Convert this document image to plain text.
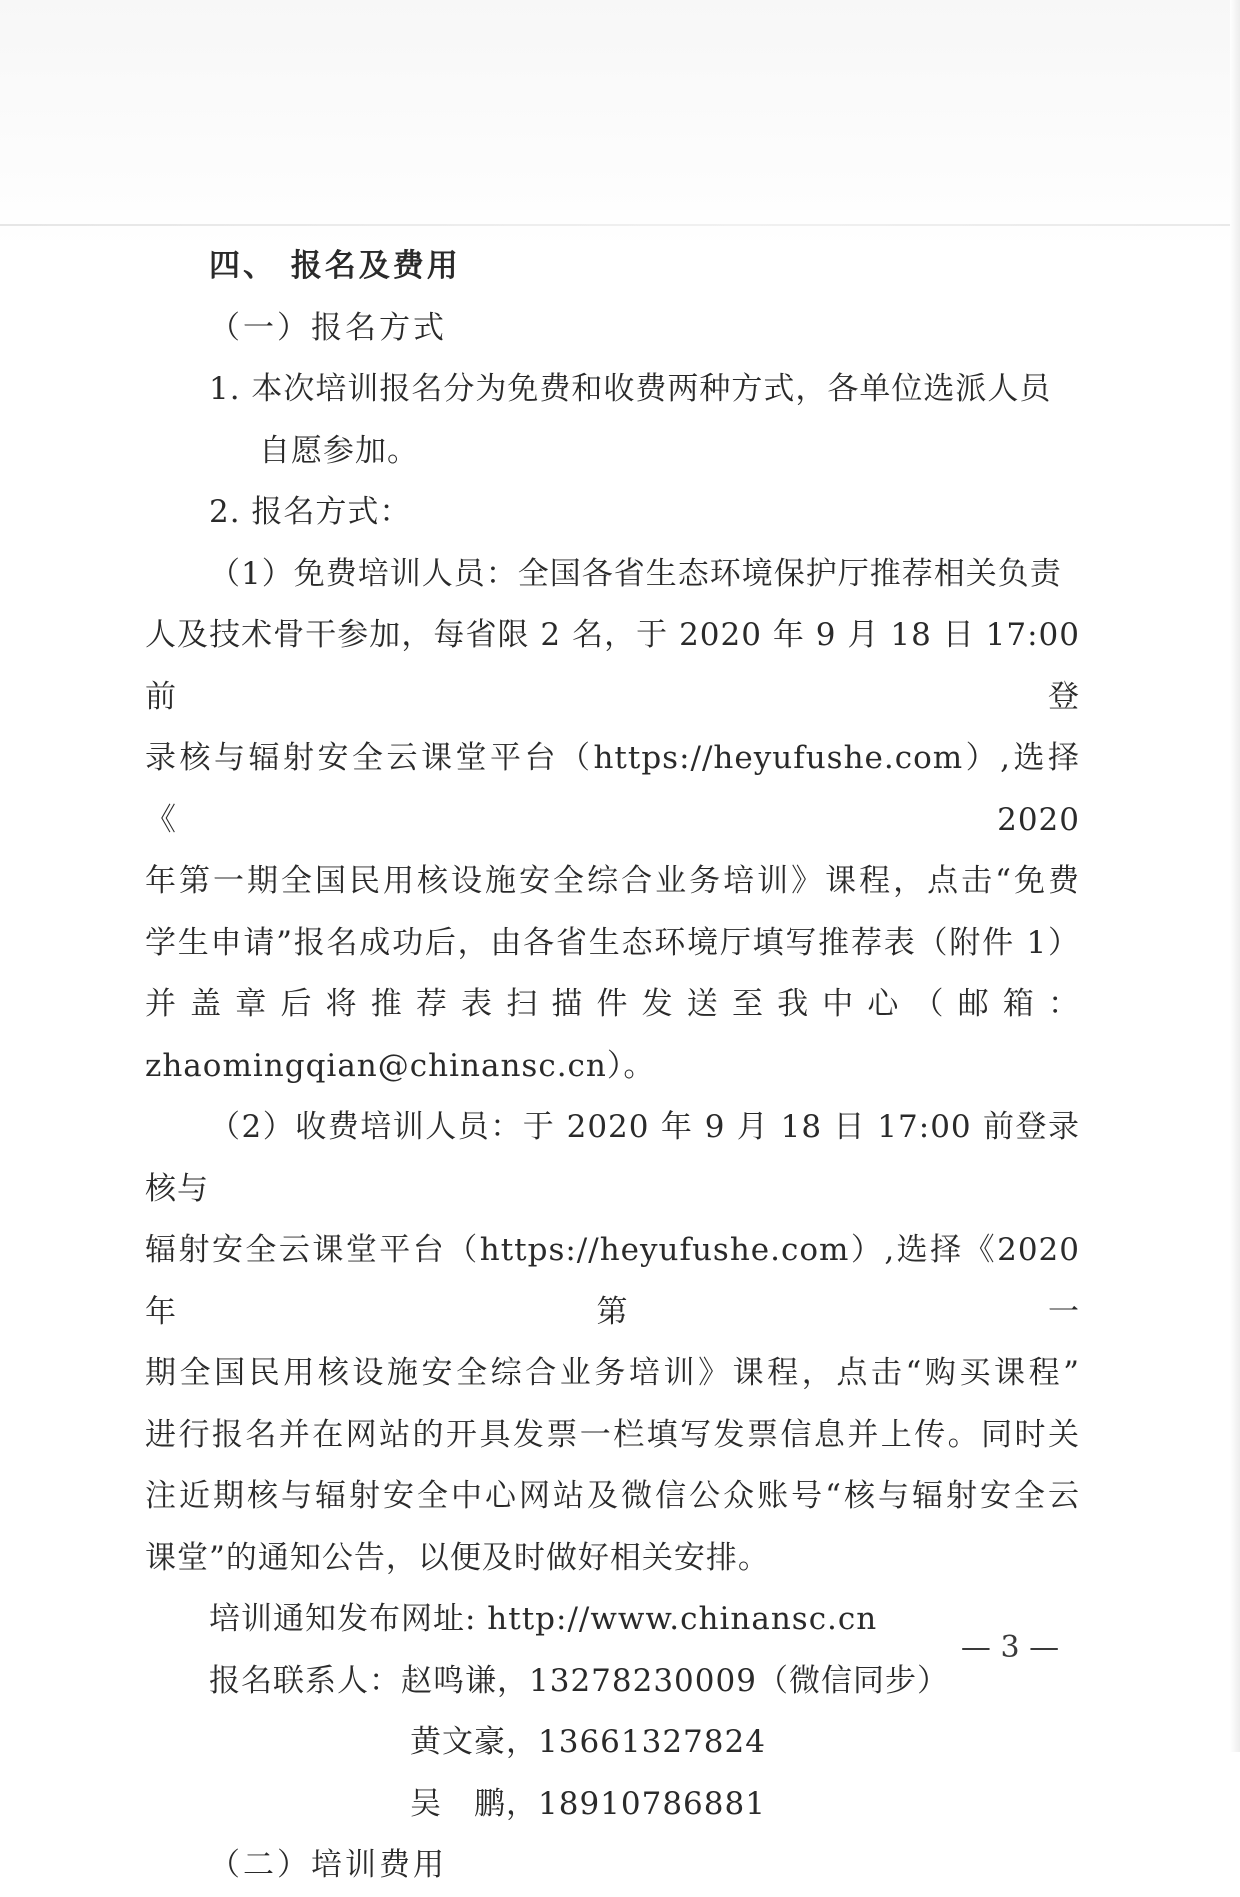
四、 报名及费用

（一）报名方式

1. 本次培训报名分为免费和收费两种方式，各单位选派人员

自愿参加。

2. 报名方式：

（1）免费培训人员：全国各省生态环境保护厅推荐相关负责

人及技术骨干参加，每省限 2 名，于 2020 年 9 月 18 日 17:00 前登

录核与辐射安全云课堂平台（https://heyufushe.com）,选择《2020

年第一期全国民用核设施安全综合业务培训》课程，点击“免费

学生申请”报名成功后，由各省生态环境厅填写推荐表（附件 1）

并盖章后将推荐表扫描件发送至我中心（邮箱：

zhaomingqian@chinansc.cn）。

（2）收费培训人员：于 2020 年 9 月 18 日 17:00 前登录核与

辐射安全云课堂平台（https://heyufushe.com）,选择《2020 年第一

期全国民用核设施安全综合业务培训》课程，点击“购买课程”

进行报名并在网站的开具发票一栏填写发票信息并上传。同时关

注近期核与辐射安全中心网站及微信公众账号“核与辐射安全云

课堂”的通知公告，以便及时做好相关安排。

培训通知发布网址: http://www.chinansc.cn

报名联系人：赵鸣谦，13278230009（微信同步）

黄文豪，13661327824

吴　鹏，18910786881

（二）培训费用

— 3 —
